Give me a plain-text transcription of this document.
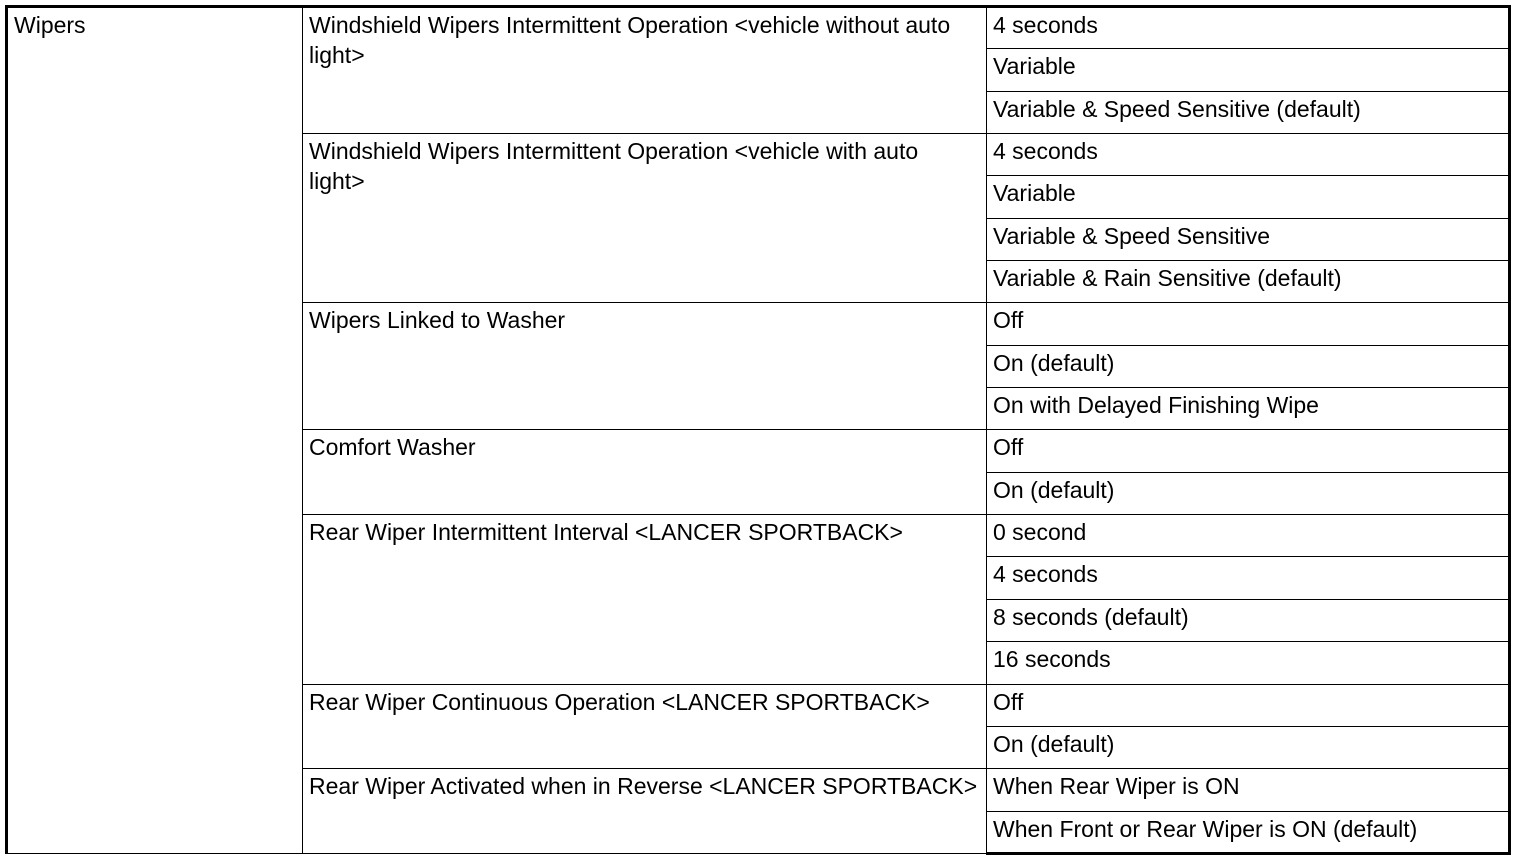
Wipers	Windshield Wipers Intermittent Operation <vehicle without auto light>	4 seconds
		Variable
		Variable & Speed Sensitive (default)
	Windshield Wipers Intermittent Operation <vehicle with auto light>	4 seconds
		Variable
		Variable & Speed Sensitive
		Variable & Rain Sensitive (default)
	Wipers Linked to Washer	Off
		On (default)
		On with Delayed Finishing Wipe
	Comfort Washer	Off
		On (default)
	Rear Wiper Intermittent Interval <LANCER SPORTBACK>	0 second
		4 seconds
		8 seconds (default)
		16 seconds
	Rear Wiper Continuous Operation <LANCER SPORTBACK>	Off
		On (default)
	Rear Wiper Activated when in Reverse <LANCER SPORTBACK>	When Rear Wiper is ON
		When Front or Rear Wiper is ON (default)
